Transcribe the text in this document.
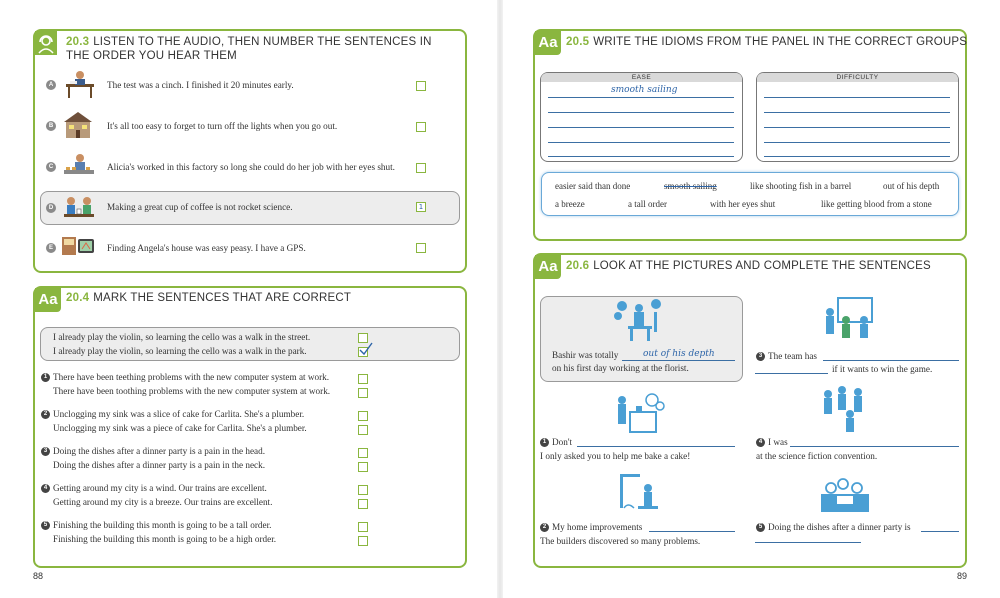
20.3 LISTEN TO THE AUDIO, THEN NUMBER THE SENTENCES IN
THE ORDER YOU HEAR THEM
A	The test was a cinch. I finished it 20 minutes early.
B	It's all too easy to forget to turn off the lights when you go out.
C	Alicia's worked in this factory so long she could do her job with her eyes shut.
D	Making a great cup of coffee is not rocket science.	1
E	Finding Angela's house was easy peasy. I have a GPS.
Aa 20.4 MARK THE SENTENCES THAT ARE CORRECT
I already play the violin, so learning the cello was a walk in the street.
I already play the violin, so learning the cello was a walk in the park.
1 There have been teething problems with the new computer system at work.
There have been toothing problems with the new computer system at work.
2 Unclogging my sink was a slice of cake for Carlita. She's a plumber.
Unclogging my sink was a piece of cake for Carlita. She's a plumber.
3 Doing the dishes after a dinner party is a pain in the head.
Doing the dishes after a dinner party is a pain in the neck.
4 Getting around my city is a wind. Our trains are excellent.
Getting around my city is a breeze. Our trains are excellent.
5 Finishing the building this month is going to be a tall order.
Finishing the building this month is going to be a high order.
88
Aa 20.5 WRITE THE IDIOMS FROM THE PANEL IN THE CORRECT GROUPS
EASE
smooth sailing
DIFFICULTY
easier said than done	smooth sailing	like shooting fish in a barrel	out of his depth
a breeze	a tall order	with her eyes shut	like getting blood from a stone
Aa 20.6 LOOK AT THE PICTURES AND COMPLETE THE SENTENCES
Bashir was totally	out of his depth
on his first day working at the florist.
3 The team has
if it wants to win the game.
1 Don't
I only asked you to help me bake a cake!
4 I was
at the science fiction convention.
2 My home improvements
The builders discovered so many problems.
5 Doing the dishes after a dinner party is
89
